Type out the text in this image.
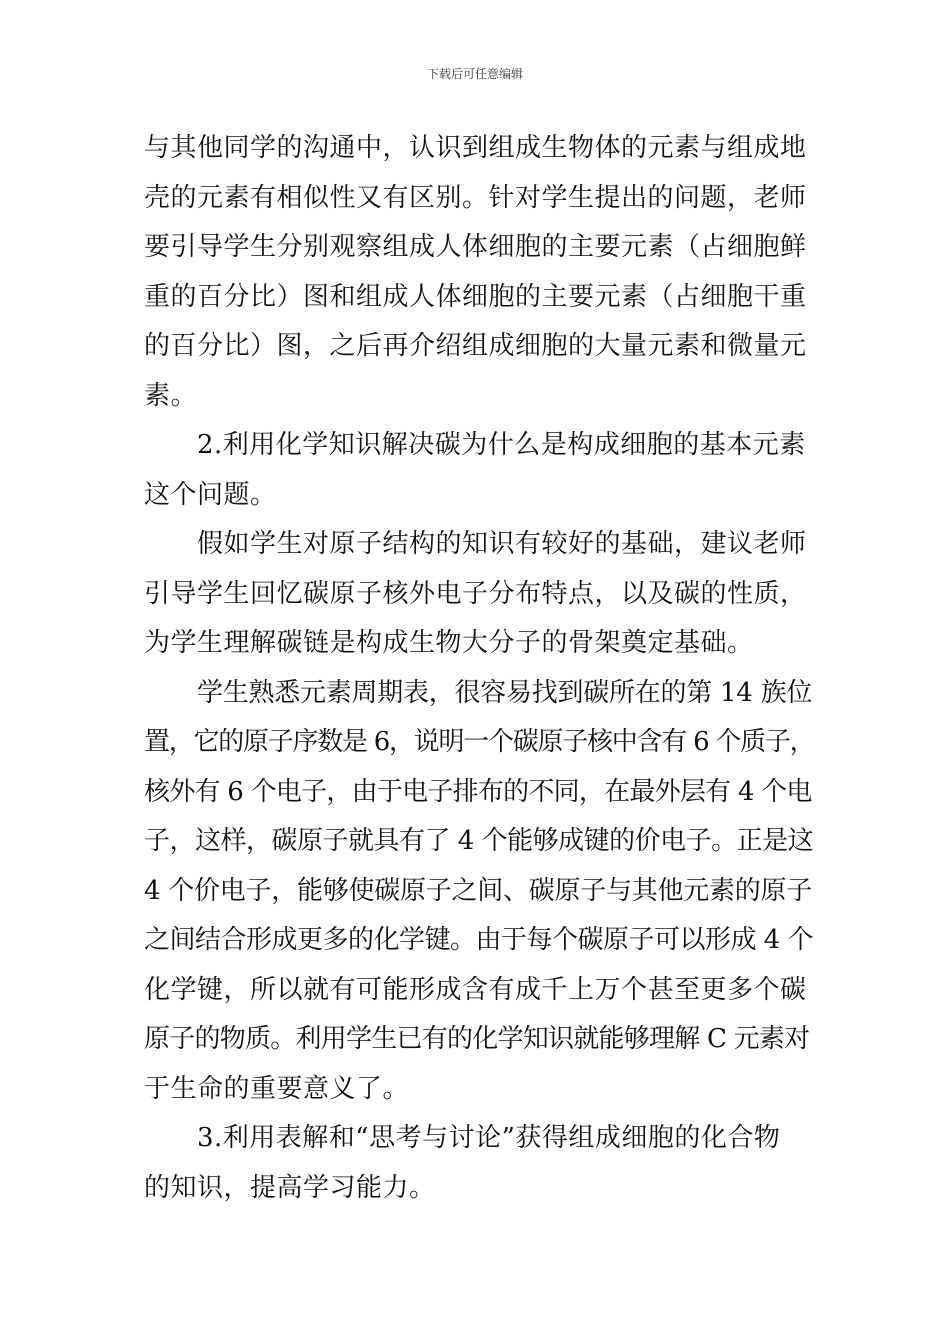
下载后可任意编辑
与其他同学的沟通中，认识到组成生物体的元素与组成地
壳的元素有相似性又有区别。针对学生提出的问题，老师
要引导学生分别观察组成人体细胞的主要元素（占细胞鲜
重的百分比）图和组成人体细胞的主要元素（占细胞干重
的百分比）图，之后再介绍组成细胞的大量元素和微量元
素。
2.利用化学知识解决碳为什么是构成细胞的基本元素
这个问题。
假如学生对原子结构的知识有较好的基础，建议老师
引导学生回忆碳原子核外电子分布特点，以及碳的性质，
为学生理解碳链是构成生物大分子的骨架奠定基础。
学生熟悉元素周期表，很容易找到碳所在的第 14 族位
置，它的原子序数是 6，说明一个碳原子核中含有 6 个质子，
核外有 6 个电子，由于电子排布的不同，在最外层有 4 个电
子，这样，碳原子就具有了 4 个能够成键的价电子。正是这
4 个价电子，能够使碳原子之间、碳原子与其他元素的原子
之间结合形成更多的化学键。由于每个碳原子可以形成 4 个
化学键，所以就有可能形成含有成千上万个甚至更多个碳
原子的物质。利用学生已有的化学知识就能够理解 C 元素对
于生命的重要意义了。
3.利用表解和“思考与讨论”获得组成细胞的化合物
的知识，提高学习能力。
